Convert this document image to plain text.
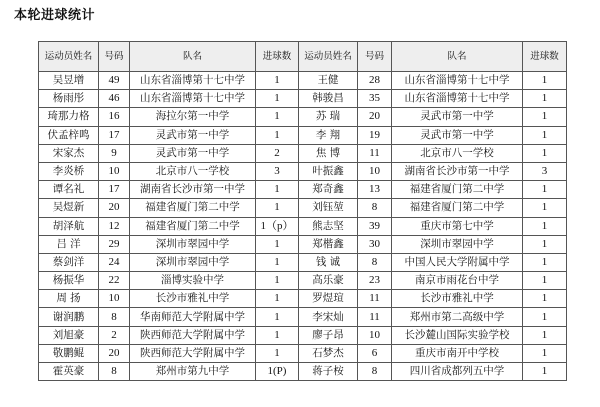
本轮进球统计
运动员姓名	号码	队名	进球数	运动员姓名	号码	队名	进球数
吴昱增	49	山东省淄博第十七中学	1	王健	28	山东省淄博第十七中学	1
杨雨彤	46	山东省淄博第十七中学	1	韩骏昌	35	山东省淄博第十七中学	1
琦那力格	16	海拉尔第一中学	1	苏 瑞	20	灵武市第一中学	1
伏孟梓鸣	17	灵武市第一中学	1	李 翔	19	灵武市第一中学	1
宋家杰	9	灵武市第一中学	2	焦 博	11	北京市八一学校	1
李炎桥	10	北京市八一学校	3	叶振鑫	10	湖南省长沙市第一中学	3
谭名礼	17	湖南省长沙市第一中学	1	郑奇鑫	13	福建省厦门第二中学	1
吴煜新	20	福建省厦门第二中学	1	刘钰堃	8	福建省厦门第二中学	1
胡泽航	12	福建省厦门第二中学	1（p）	熊志坚	39	重庆市第七中学	1
吕 洋	29	深圳市翠园中学	1	郑楷鑫	30	深圳市翠园中学	1
蔡剑洋	24	深圳市翠园中学	1	钱 诚	8	中国人民大学附属中学	1
杨振华	22	淄博实验中学	1	高乐豪	23	南京市雨花台中学	1
周 扬	10	长沙市雅礼中学	1	罗煜瑄	11	长沙市雅礼中学	1
谢润鹏	8	华南师范大学附属中学	1	李宋灿	11	郑州市第二高级中学	1
刘旭豪	2	陕西师范大学附属中学	1	廖子昂	10	长沙麓山国际实验学校	1
敬鹏鲲	20	陕西师范大学附属中学	1	石梦杰	6	重庆市南开中学校	1
霍英豪	8	郑州市第九中学	1(P)	蒋子桉	8	四川省成都列五中学	1
